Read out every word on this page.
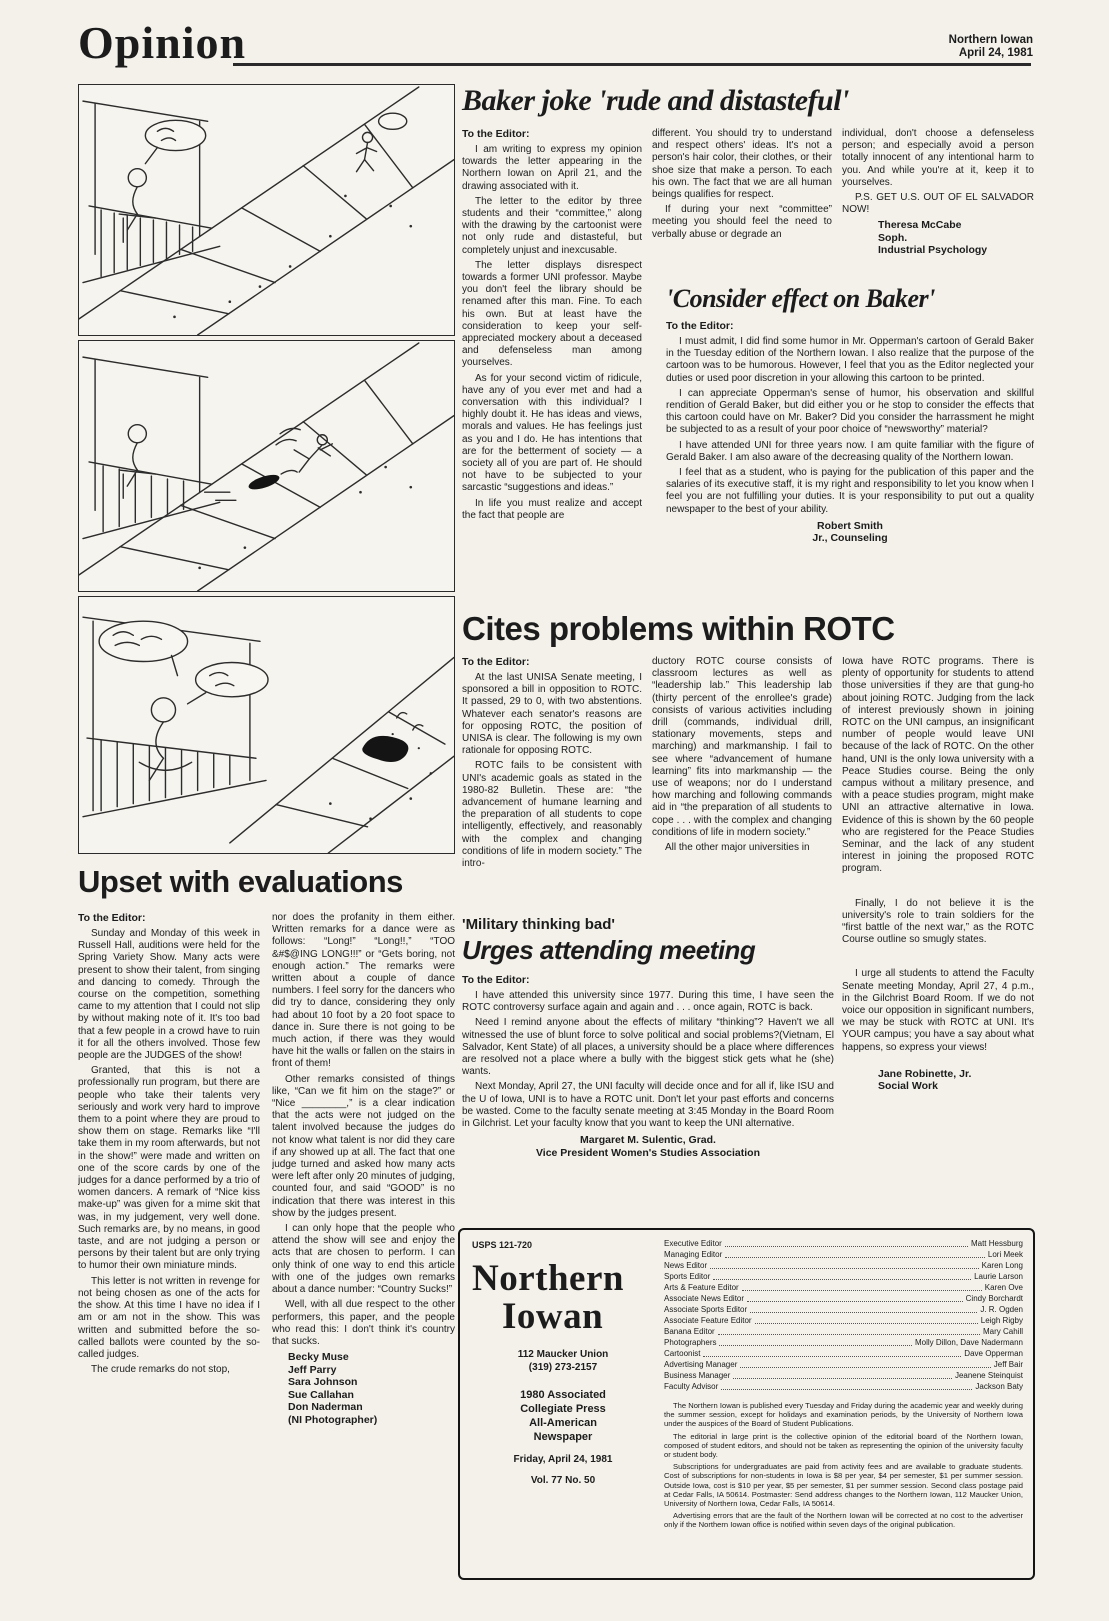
Opinion	Northern Iowan
April 24, 1981
Baker joke 'rude and distasteful'
To the Editor:

I am writing to express my opinion towards the letter appearing in the Northern Iowan on April 21, and the drawing associated with it.

The letter to the editor by three students and their “committee,” along with the drawing by the cartoonist were not only rude and distasteful, but completely unjust and inexcusable.

The letter displays disrespect towards a former UNI professor. Maybe you don't feel the library should be renamed after this man. Fine. To each his own. But at least have the consideration to keep your self-appreciated mockery about a deceased and defenseless man among yourselves.

As for your second victim of ridicule, have any of you ever met and had a conversation with this individual? I highly doubt it. He has ideas and views, morals and values. He has feelings just as you and I do. He has intentions that are for the betterment of society — a society all of you are part of. He should not have to be subjected to your sarcastic “suggestions and ideas.”

In life you must realize and accept the fact that people are

different. You should try to understand and respect others' ideas. It's not a person's hair color, their clothes, or their shoe size that make a person. To each his own. The fact that we are all human beings qualifies for respect.

If during your next “committee” meeting you should feel the need to verbally abuse or degrade an

individual, don't choose a defenseless person; and especially avoid a person totally innocent of any intentional harm to you. And while you're at it, keep it to yourselves.

P.S. GET U.S. OUT OF EL SALVADOR NOW!

Theresa McCabe
Soph.
Industrial Psychology
'Consider effect on Baker'
To the Editor:

I must admit, I did find some humor in Mr. Opperman's cartoon of Gerald Baker in the Tuesday edition of the Northern Iowan. I also realize that the purpose of the cartoon was to be humorous. However, I feel that you as the Editor neglected your duties or used poor discretion in your allowing this cartoon to be printed.

I can appreciate Opperman's sense of humor, his observation and skillful rendition of Gerald Baker, but did either you or he stop to consider the effects that this cartoon could have on Mr. Baker? Did you consider the harrassment he might be subjected to as a result of your poor choice of “newsworthy” material?

I have attended UNI for three years now. I am quite familiar with the figure of Gerald Baker. I am also aware of the decreasing quality of the Northern Iowan.

I feel that as a student, who is paying for the publication of this paper and the salaries of its executive staff, it is my right and responsibility to let you know when I feel you are not fulfilling your duties. It is your responsibility to put out a quality newspaper to the best of your ability.

Robert Smith
Jr., Counseling
Cites problems within ROTC
To the Editor:

At the last UNISA Senate meeting, I sponsored a bill in opposition to ROTC. It passed, 29 to 0, with two abstentions. Whatever each senator's reasons are for opposing ROTC, the position of UNISA is clear. The following is my own rationale for opposing ROTC.

ROTC fails to be consistent with UNI's academic goals as stated in the 1980-82 Bulletin. These are: “the advancement of humane learning and the preparation of all students to cope intelligently, effectively, and reasonably with the complex and changing conditions of life in modern society.” The intro-

ductory ROTC course consists of classroom lectures as well as “leadership lab.” This leadership lab (thirty percent of the enrollee's grade) consists of various activities including drill (commands, individual drill, stationary movements, steps and marching) and markmanship. I fail to see where “advancement of humane learning” fits into markmanship — the use of weapons; nor do I understand how marching and following commands aid in “the preparation of all students to cope . . . with the complex and changing conditions of life in modern society.”

All the other major universities in

Iowa have ROTC programs. There is plenty of opportunity for students to attend those universities if they are that gung-ho about joining ROTC. Judging from the lack of interest previously shown in joining ROTC on the UNI campus, an insignificant number of people would leave UNI because of the lack of ROTC. On the other hand, UNI is the only Iowa university with a Peace Studies course. Being the only campus without a military presence, and with a peace studies program, might make UNI an attractive alternative in Iowa. Evidence of this is shown by the 60 people who are registered for the Peace Studies Seminar, and the lack of any student interest in joining the proposed ROTC program.

Finally, I do not believe it is the university's role to train soldiers for the “first battle of the next war,” as the ROTC Course outline so smugly states.

I urge all students to attend the Faculty Senate meeting Monday, April 27, 4 p.m., in the Gilchrist Board Room. If we do not voice our opposition in significant numbers, we may be stuck with ROTC at UNI. It's YOUR campus; you have a say about what happens, so express your views!

Jane Robinette, Jr.
Social Work
'Military thinking bad'
Urges attending meeting
To the Editor:

I have attended this university since 1977. During this time, I have seen the ROTC controversy surface again and again and . . . once again, ROTC is back.

Need I remind anyone about the effects of military “thinking”? Haven't we all witnessed the use of blunt force to solve political and social problems?(Vietnam, El Salvador, Kent State) of all places, a university should be a place where differences are resolved not a place where a bully with the biggest stick gets what he (she) wants.

Next Monday, April 27, the UNI faculty will decide once and for all if, like ISU and the U of Iowa, UNI is to have a ROTC unit. Don't let your past efforts and concerns be wasted. Come to the faculty senate meeting at 3:45 Monday in the Board Room in Gilchrist. Let your faculty know that you want to keep the UNI alternative.

Margaret M. Sulentic, Grad.
Vice President Women's Studies Association
Upset with evaluations
To the Editor:

Sunday and Monday of this week in Russell Hall, auditions were held for the Spring Variety Show. Many acts were present to show their talent, from singing and dancing to comedy. Through the course on the competition, something came to my attention that I could not slip by without making note of it. It's too bad that a few people in a crowd have to ruin it for all the others involved. Those few people are the JUDGES of the show!

Granted, that this is not a professionally run program, but there are people who take their talents very seriously and work very hard to improve them to a point where they are proud to show them on stage. Remarks like “I'll take them in my room afterwards, but not in the show!” were made and written on one of the score cards by one of the judges for a dance performed by a trio of women dancers. A remark of “Nice kiss make-up” was given for a mime skit that was, in my judgement, very well done. Such remarks are, by no means, in good taste, and are not judging a person or persons by their talent but are only trying to humor their own miniature minds.

This letter is not written in revenge for not being chosen as one of the acts for the show. At this time I have no idea if I am or am not in the show. This was written and submitted before the so-called ballots were counted by the so-called judges.

The crude remarks do not stop,

nor does the profanity in them either. Written remarks for a dance were as follows: “Long!” “Long!!,” “TOO &#$@ING LONG!!!” or “Gets boring, not enough action.” The remarks were written about a couple of dance numbers. I feel sorry for the dancers who did try to dance, considering they only had about 10 foot by a 20 foot space to dance in. Sure there is not going to be much action, if there was they would have hit the walls or fallen on the stairs in front of them!

Other remarks consisted of things like, “Can we fit him on the stage?” or “Nice ________,” is a clear indication that the acts were not judged on the talent involved because the judges do not know what talent is nor did they care if any showed up at all. The fact that one judge turned and asked how many acts were left after only 20 minutes of judging, counted four, and said “GOOD” is no indication that there was interest in this show by the judges present.

I can only hope that the people who attend the show will see and enjoy the acts that are chosen to perform. I can only think of one way to end this article with one of the judges own remarks about a dance number: “Country Sucks!”

Well, with all due respect to the other performers, this paper, and the people who read this: I don't think it's country that sucks.

Becky Muse
Jeff Parry
Sara Johnson
Sue Callahan
Don Naderman
(NI Photographer)
USPS 121-720
Northern
Iowan
112 Maucker Union
(319) 273-2157
1980 Associated
Collegiate Press
All-American
Newspaper
Friday, April 24, 1981
Vol. 77 No. 50
Executive Editor	Matt Hessburg
Managing Editor	Lori Meek
News Editor	Karen Long
Sports Editor	Laurie Larson
Arts & Feature Editor	Karen Ove
Associate News Editor	Cindy Borchardt
Associate Sports Editor	J. R. Ogden
Associate Feature Editor	Leigh Rigby
Banana Editor	Mary Cahill
Photographers	Molly Dillon, Dave Nadermann
Cartoonist	Dave Opperman
Advertising Manager	Jeff Bair
Business Manager	Jeanene Steinquist
Faculty Advisor	Jackson Baty

The Northern Iowan is published every Tuesday and Friday during the academic year and weekly during the summer session, except for holidays and examination periods, by the University of Northern Iowa under the auspices of the Board of Student Publications.

The editorial in large print is the collective opinion of the editorial board of the Northern Iowan, composed of student editors, and should not be taken as representing the opinion of the university faculty or student body.

Subscriptions for undergraduates are paid from activity fees and are available to graduate students. Cost of subscriptions for non-students in Iowa is $8 per year, $4 per semester, $1 per summer session. Outside Iowa, cost is $10 per year, $5 per semester, $1 per summer session. Second class postage paid at Cedar Falls, IA 50614. Postmaster: Send address changes to the Northern Iowan, 112 Maucker Union, University of Northern Iowa, Cedar Falls, IA 50614.

Advertising errors that are the fault of the Northern Iowan will be corrected at no cost to the advertiser only if the Northern Iowan office is notified within seven days of the original publication.
